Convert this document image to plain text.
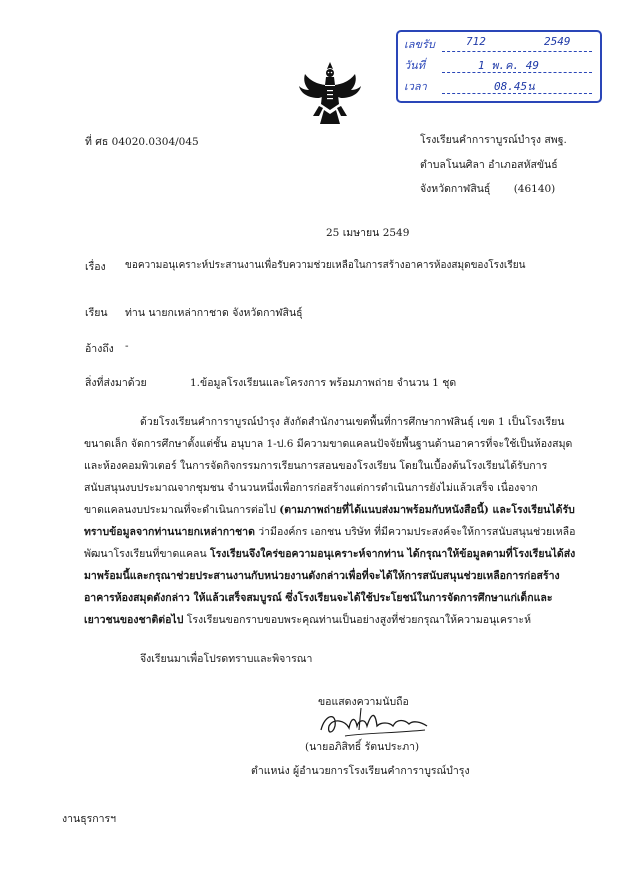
เลขรับ	712	2549
วันที่	1 พ.ค. 49
เวลา	08.45น
ที่ ศธ 04020.0304/045	โรงเรียนคำการาบูรณ์บำรุง สพฐ.
ตำบลโนนศิลา อำเภอสหัสขันธ์
จังหวัดกาฬสินธุ์ (46140)
25 เมษายน 2549
เรื่อง ขอความอนุเคราะห์ประสานงานเพื่อรับความช่วยเหลือในการสร้างอาคารห้องสมุดของโรงเรียน
เรียน ท่าน นายกเหล่ากาชาด จังหวัดกาฬสินธุ์
อ้างถึง -
สิ่งที่ส่งมาด้วย	1.ข้อมูลโรงเรียนและโครงการ พร้อมภาพถ่าย จำนวน 1 ชุด
ด้วยโรงเรียนคำการาบูรณ์บำรุง สังกัดสำนักงานเขตพื้นที่การศึกษากาฬสินธุ์ เขต 1 เป็นโรงเรียนขนาดเล็ก จัดการศึกษาตั้งแต่ชั้น อนุบาล 1-ป.6 มีความขาดแคลนปัจจัยพื้นฐานด้านอาคารที่จะใช้เป็นห้องสมุดและห้องคอมพิวเตอร์ ในการจัดกิจกรรมการเรียนการสอนของโรงเรียน โดยในเบื้องต้นโรงเรียนได้รับการสนับสนุนงบประมาณจากชุมชน จำนวนหนึ่งเพื่อการก่อสร้างแต่การดำเนินการยังไม่แล้วเสร็จ เนื่องจากขาดแคลนงบประมาณที่จะดำเนินการต่อไป (ตามภาพถ่ายที่ได้แนบส่งมาพร้อมกับหนังสือนี้) และโรงเรียนได้รับทราบข้อมูลจากท่านนายกเหล่ากาชาด ว่ามีองค์กร เอกชน บริษัท ที่มีความประสงค์จะให้การสนับสนุนช่วยเหลือพัฒนาโรงเรียนที่ขาดแคลน โรงเรียนจึงใคร่ขอความอนุเคราะห์จากท่าน ได้กรุณาให้ข้อมูลตามที่โรงเรียนได้ส่งมาพร้อมนี้และกรุณาช่วยประสานงานกับหน่วยงานดังกล่าวเพื่อที่จะได้ให้การสนับสนุนช่วยเหลือการก่อสร้างอาคารห้องสมุดดังกล่าว ให้แล้วเสร็จสมบูรณ์ ซึ่งโรงเรียนจะได้ใช้ประโยชน์ในการจัดการศึกษาแก่เด็กและเยาวชนของชาติต่อไป โรงเรียนขอกราบขอบพระคุณท่านเป็นอย่างสูงที่ช่วยกรุณาให้ความอนุเคราะห์
จึงเรียนมาเพื่อโปรดทราบและพิจารณา
ขอแสดงความนับถือ
(นายอภิสิทธิ์ รัตนประภา)
ตำแหน่ง ผู้อำนวยการโรงเรียนคำการาบูรณ์บำรุง
งานธุรการฯ
